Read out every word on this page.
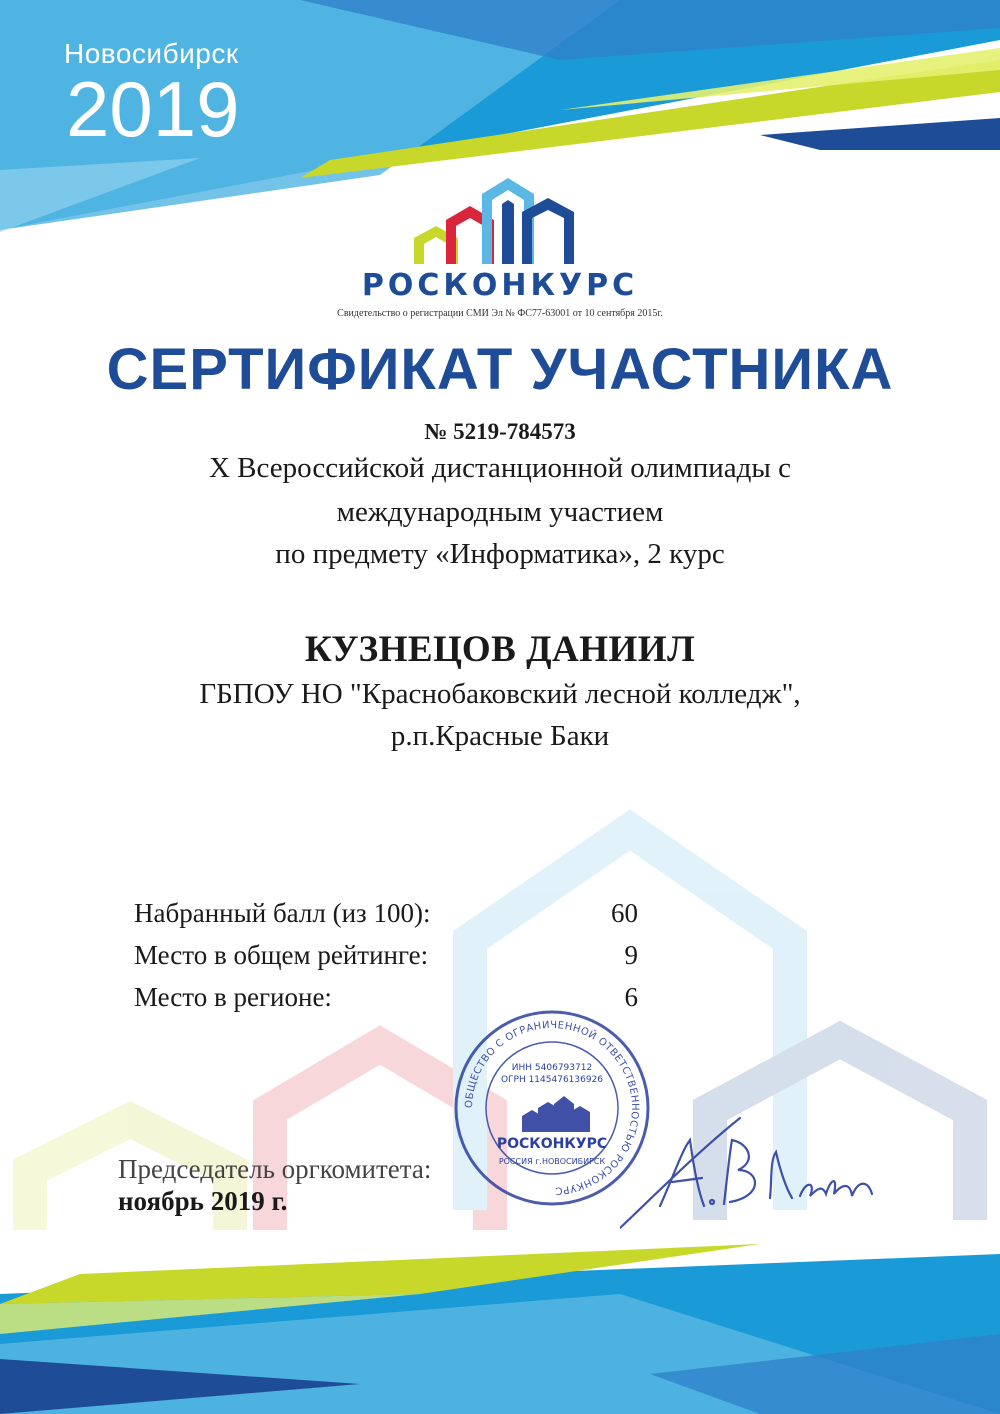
Новосибирск
2019
РОСКОНКУРС
Свидетельство о регистрации СМИ Эл № ФС77-63001 от 10 сентября 2015г.
СЕРТИФИКАТ УЧАСТНИКА
№ 5219-784573
X Всероссийской дистанционной олимпиады с
международным участием
по предмету «Информатика», 2 курс
КУЗНЕЦОВ ДАНИИЛ
ГБПОУ НО "Краснобаковский лесной колледж",
р.п.Красные Баки
Набранный балл (из 100):	60
Место в общем рейтинге:	9
Место в регионе:	6
Председатель оргкомитета:
ноябрь 2019 г.
ОБЩЕСТВО С ОГРАНИЧЕННОЙ ОТВЕТСТВЕННОСТЬЮ РОСКОНКУРС
ИНН 5406793712
ОГРН 1145476136926
РОСКОНКУРС
РОССИЯ г.НОВОСИБИРСК
